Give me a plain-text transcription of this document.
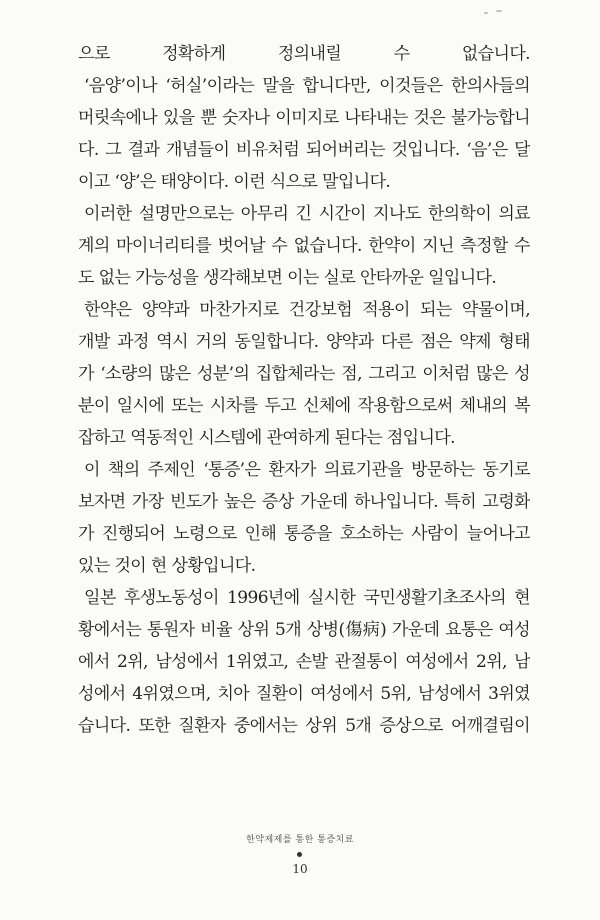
으로 정확하게 정의내릴 수 없습니다.
‘음양’이나 ‘허실’이라는 말을 합니다만, 이것들은 한의사들의
머릿속에나 있을 뿐 숫자나 이미지로 나타내는 것은 불가능합니
다. 그 결과 개념들이 비유처럼 되어버리는 것입니다. ‘음’은 달
이고 ‘양’은 태양이다. 이런 식으로 말입니다.
이러한 설명만으로는 아무리 긴 시간이 지나도 한의학이 의료
계의 마이너리티를 벗어날 수 없습니다. 한약이 지닌 측정할 수
도 없는 가능성을 생각해보면 이는 실로 안타까운 일입니다.
한약은 양약과 마찬가지로 건강보험 적용이 되는 약물이며,
개발 과정 역시 거의 동일합니다. 양약과 다른 점은 약제 형태
가 ‘소량의 많은 성분’의 집합체라는 점, 그리고 이처럼 많은 성
분이 일시에 또는 시차를 두고 신체에 작용함으로써 체내의 복
잡하고 역동적인 시스템에 관여하게 된다는 점입니다.
이 책의 주제인 ‘통증’은 환자가 의료기관을 방문하는 동기로
보자면 가장 빈도가 높은 증상 가운데 하나입니다. 특히 고령화
가 진행되어 노령으로 인해 통증을 호소하는 사람이 늘어나고
있는 것이 현 상황입니다.
일본 후생노동성이 1996년에 실시한 국민생활기초조사의 현
황에서는 통원자 비율 상위 5개 상병(傷病) 가운데 요통은 여성
에서 2위, 남성에서 1위였고, 손발 관절통이 여성에서 2위, 남
성에서 4위였으며, 치아 질환이 여성에서 5위, 남성에서 3위였
습니다. 또한 질환자 중에서는 상위 5개 증상으로 어깨결림이
한약제제를 통한 통증치료
10
